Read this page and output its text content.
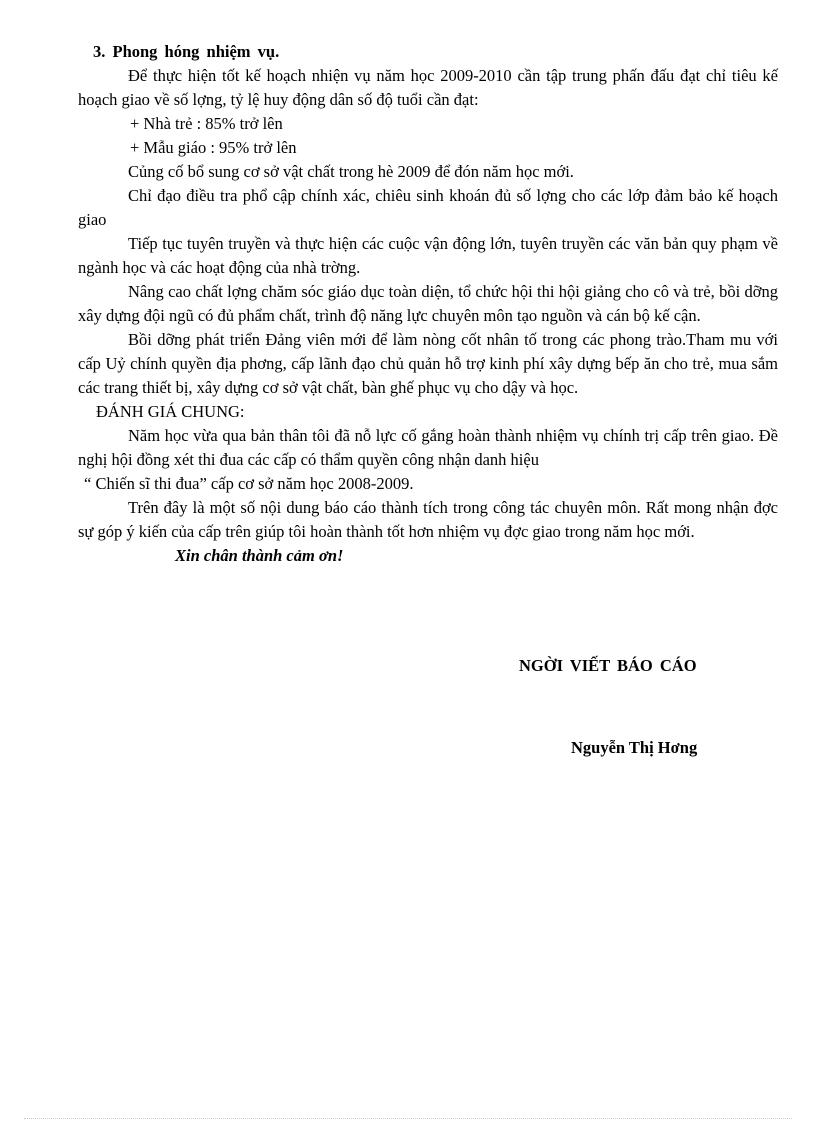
3. Phong hóng nhiệm vụ.

Để thực hiện tốt kế hoạch nhiện vụ năm học 2009-2010 cần tập trung phấn đấu đạt chỉ tiêu kế hoạch giao về số lợng, tỷ lệ huy động dân số độ tuổi cần đạt:

+ Nhà trẻ : 85% trở lên

+ Mẫu giáo : 95% trở lên

Củng cố bổ sung cơ sở vật chất trong hè 2009 để đón năm học mới.

Chỉ đạo điều tra phổ cập chính xác, chiêu sinh khoán đủ số lợng cho các lớp đảm bảo kế hoạch giao

Tiếp tục tuyên truyền và thực hiện các cuộc vận động lớn, tuyên truyền các văn bản quy phạm về ngành học và các hoạt động của nhà trờng.

Nâng cao chất lợng chăm sóc giáo dục toàn diện, tổ chức hội thi hội giảng cho cô và trẻ, bồi dỡng xây dựng đội ngũ có đủ phẩm chất, trình độ năng lực chuyên môn tạo nguồn và cán bộ kế cận.

Bồi dỡng phát triển Đảng viên mới để làm nòng cốt nhân tố trong các phong trào.Tham mu với cấp Uỷ chính quyền địa phơng, cấp lãnh đạo chủ quản hỗ trợ kinh phí xây dựng bếp ăn cho trẻ, mua sắm các trang thiết bị, xây dựng cơ sở vật chất, bàn ghế phục vụ cho dậy và học.

ĐÁNH GIÁ CHUNG:

Năm học vừa qua bản thân tôi đã nỗ lực cố gắng hoàn thành nhiệm vụ chính trị cấp trên giao. Đề nghị hội đồng xét thi đua các cấp có thẩm quyền công nhận danh hiệu

“ Chiến sĩ thi đua” cấp cơ sở năm học 2008-2009.

Trên đây là một số nội dung báo cáo thành tích trong công tác chuyên môn. Rất mong nhận đợc sự góp ý kiến của cấp trên giúp tôi hoàn thành tốt hơn nhiệm vụ đợc giao trong năm học mới.

Xin chân thành cảm ơn!

NGỜI VIẾT BÁO CÁO
Nguyễn Thị Hơng
